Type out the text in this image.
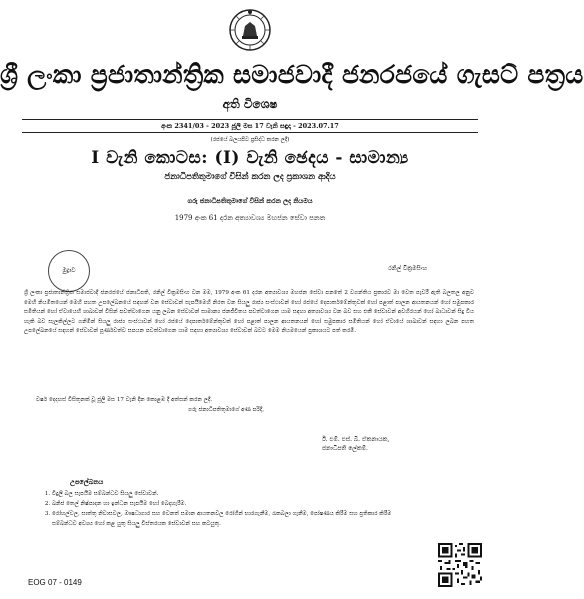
ශ්‍රී ලංකා ප්‍රජාතාන්ත්‍රික සමාජවාදී ජනරජයේ ගැසට් පත්‍රය
අති විශෙෂ
අංක 2341/03 - 2023 ජූලි මස 17 වැනි සඳුදා - 2023.07.17
(රජයේ බලයපිට ප්‍රසිද්ධ කරන ලදී)
I වැනි කොටස: (I) වැනි ඡෙදය - සාමාන්‍ය
ජනාධිපතිතුමාගේ විසින් කරන ලද ප්‍රකාශන ආදිය
ගරු ජනාධිපතිතුමාගේ විසින් කරන ලද නියමය
1979 අංක 61 දරන අත්‍යාවශ්‍ය මහජන සේවා පනත
මුද්‍රාව	රනිල් වික්‍රමසිංහ
ශ්‍රී ලංකා ප්‍රජාතාන්ත්‍රික සමාජවාදී ජනරජයේ ජනාධිපති, රනිල් වික්‍රමසිංහ වන මම, 1979 අංක 61 දරන අත්‍යාවශ්‍ය මහජන සේවා පනතේ 2 වගන්තිය ප්‍රකාරව මා වෙත පැවරී ඇති බලතල අනුව මෙහි නියමිතයෙන් මෙහි පහත උපලේඛනයේ සඳහන් වන සේවාවන් සැපයීමෙහි නිරත වන සියලු රාජ්‍ය සංස්ථාවන් හෝ රජයේ දෙපාර්තමේන්තුවක් හෝ පළාත් පාලන ආයතනයන් හෝ සමුපකාර සමිතියන් හෝ ඒවායෙහි ශාඛාවන් විසින් පවත්වාගෙන යනු ලබන සේවාවන් සාමාන්‍ය ජනජීවිතය පවත්වාගෙන යාම සඳහා අත්‍යාවශ්‍ය වන බව සහ එකී සේවාවන් අවහිරයන් හෝ බාධාවන් සිදු විය හැකි බව සැලකිල්ලට ගනිමින් සියලු රාජ්‍ය සංස්ථාවන් හෝ රජයේ දෙපාර්තමේන්තුවක් හෝ පළාත් පාලන ආයතනයන් හෝ සමුපකාර සමිතියන් හෝ ඒවායේ ශාඛාවන් සඳහා ලබන පහත උපලේඛනයේ සඳහන් සේවාවන් පූර්ණවත්ව සපයන පවත්වාගෙන යාම සඳහා අත්‍යාවශ්‍ය සේවාවන් බවට මෙම නියමයෙන් ප්‍රකාශයට පත් කරමි.
වර්ෂ දෙදහස් විසිතුනක් වූ ජූලි මස 17 වැනි දින කොළඹ දී අත්සන් කරන ලදී.
ගරු ජනාධිපතිතුමාගේ අණ පරිදි,
ඊ. එම්. එස්. බී. ඒකනායක,
ජනාධිපති ලේකම්.
උපලේඛනය
1. විදුලි බල සැපයීම සම්බන්ධව සියලු සේවාවන්.
2. ඛනිජ තෙල් නිෂ්පාදන හා ඉන්ධන සැපයීම හෝ බෙදාහැරීම.
3. රෝහල්වල, සාත්තු නිවාසවල, ඖෂධාගාර සහ වෙනත් සමාන ආයතනවල රෝගීන් භාරගැනීම, රැකබලා ගැනීම, පෝෂණය කිරීම සහ ප්‍රතිකාර කිරීම සම්බන්ධව අවශ්‍ය හෝ කළ යුතු සියලු විස්තරයක සේවාවන් සහ කටයුතු.
EOG 07 - 0149
